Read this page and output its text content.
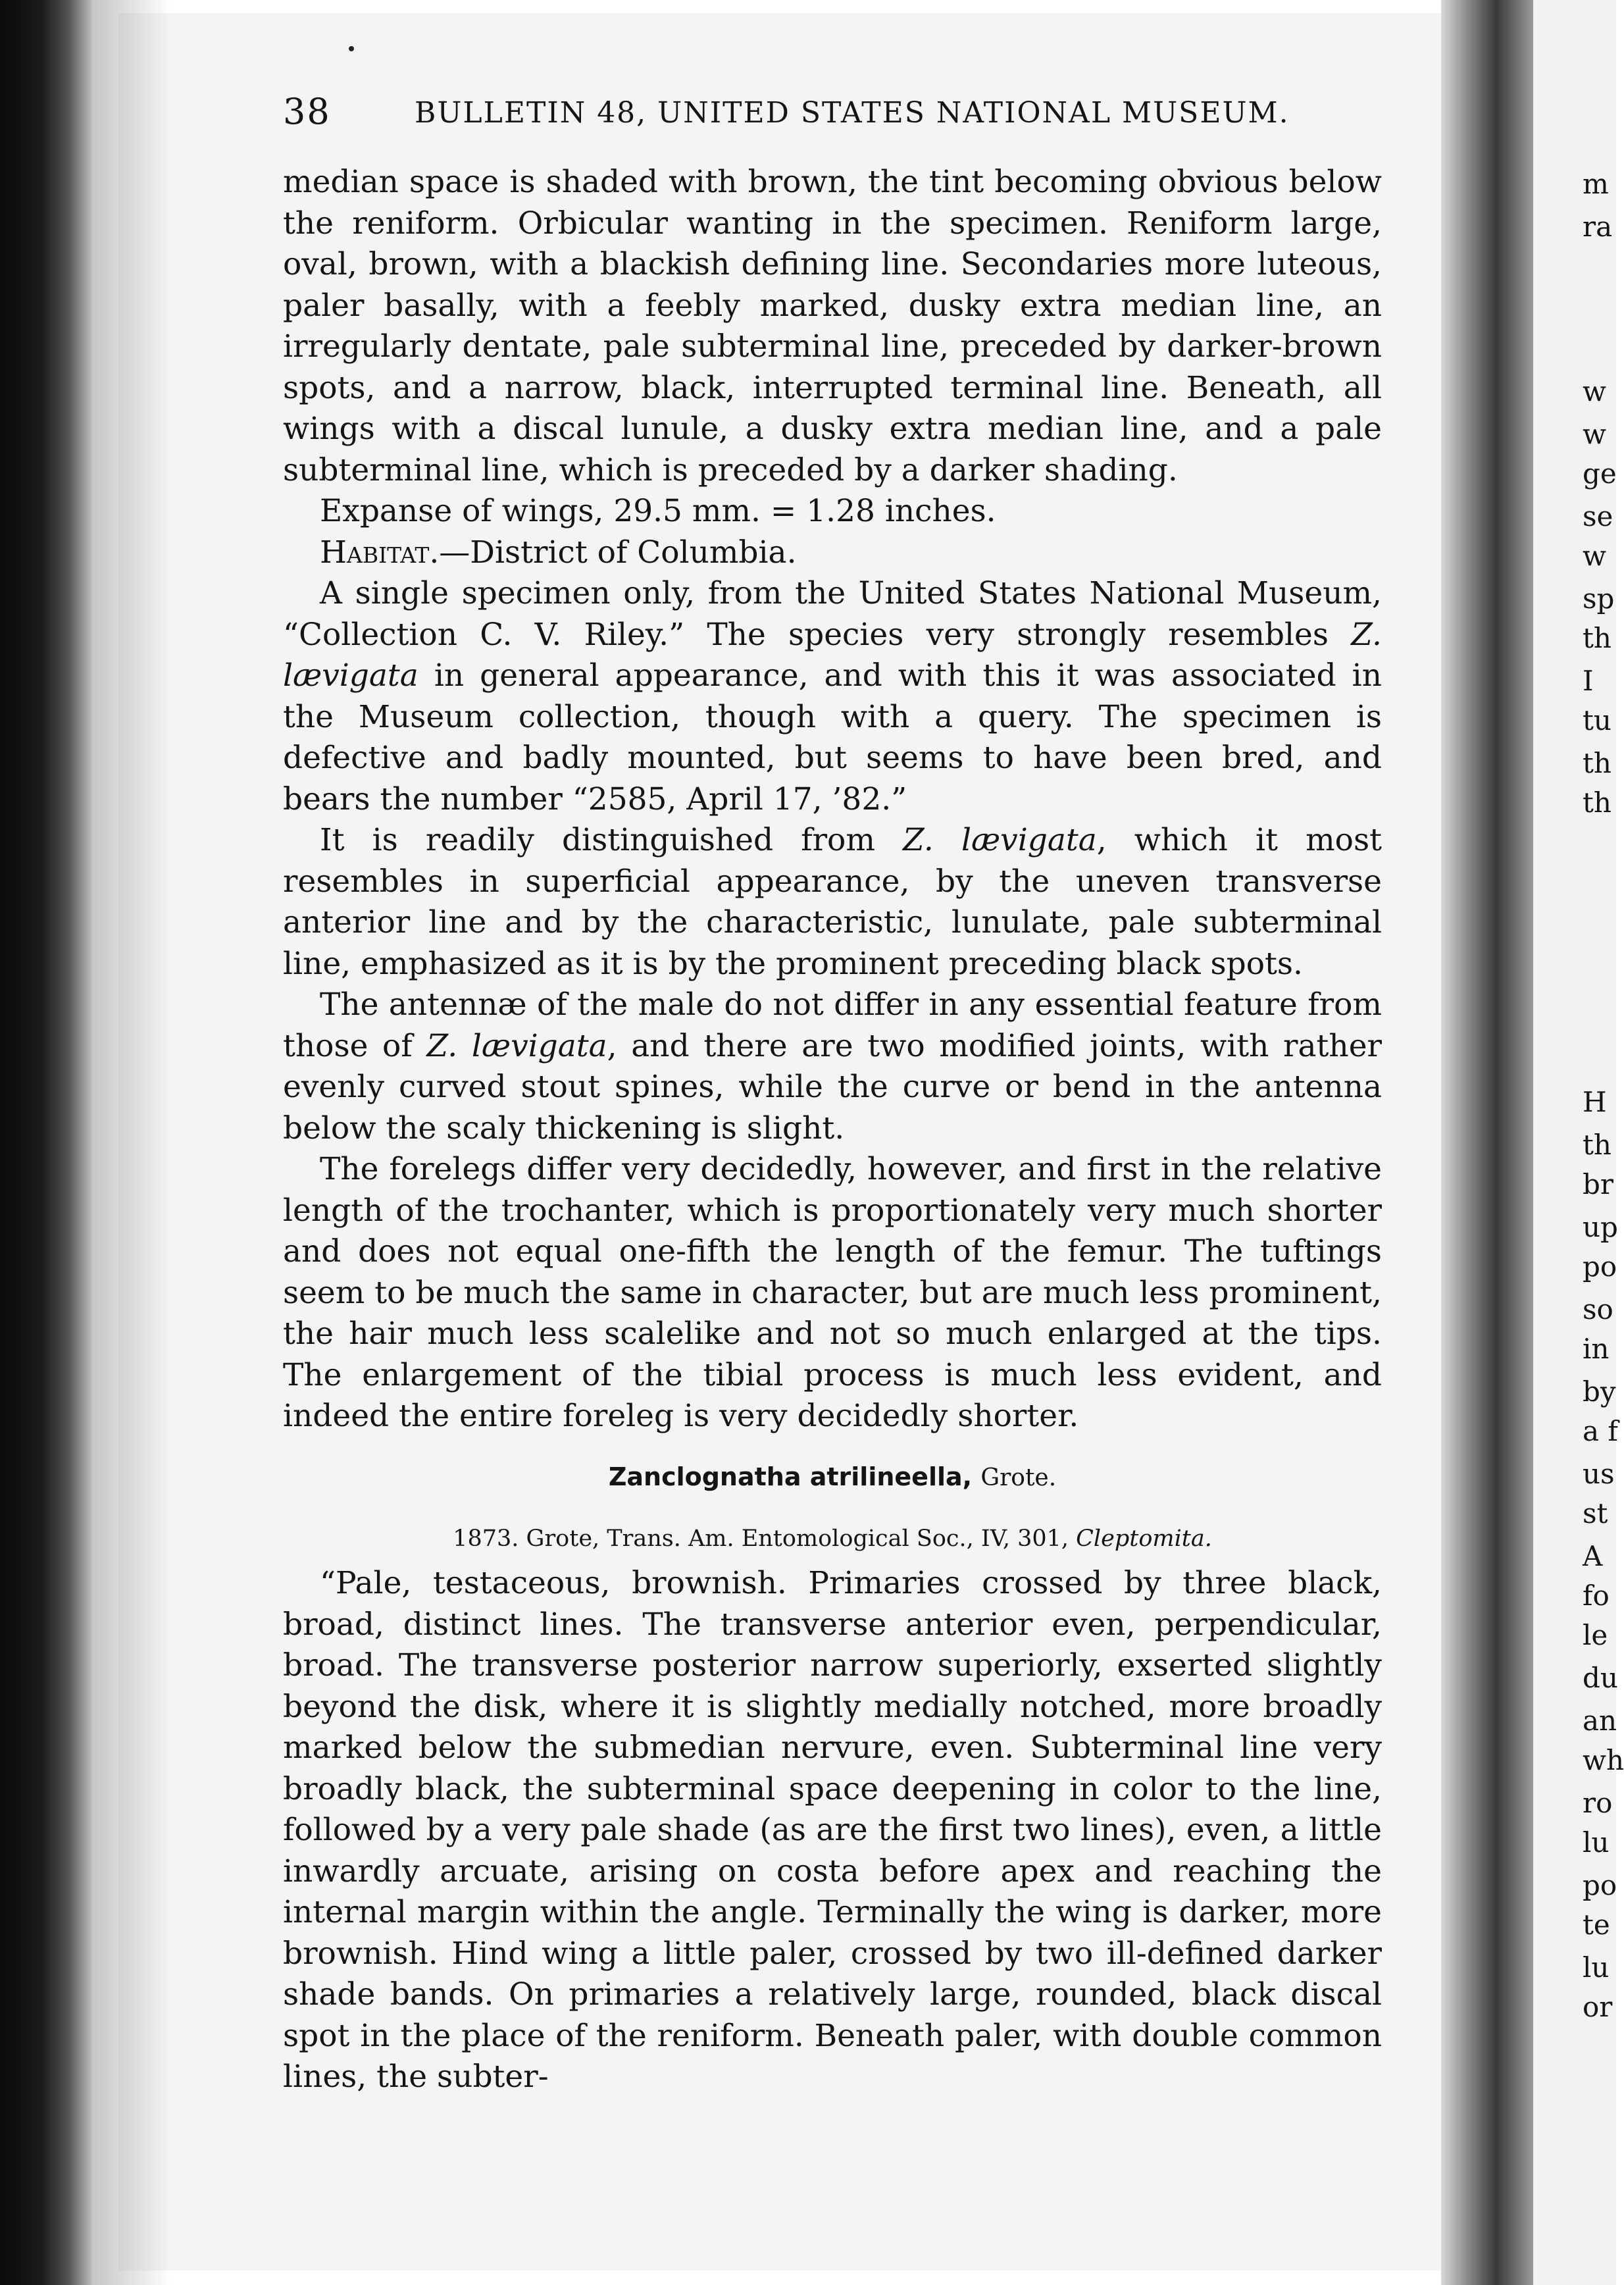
38	BULLETIN 48, UNITED STATES NATIONAL MUSEUM.

median space is shaded with brown, the tint becoming obvious below the reniform. Orbicular wanting in the specimen. Reniform large, oval, brown, with a blackish defining line. Secondaries more luteous, paler basally, with a feebly marked, dusky extra median line, an irregularly dentate, pale subterminal line, preceded by darker-brown spots, and a narrow, black, interrupted terminal line. Beneath, all wings with a discal lunule, a dusky extra median line, and a pale subterminal line, which is preceded by a darker shading.

Expanse of wings, 29.5 mm. = 1.28 inches.

Habitat.—District of Columbia.

A single specimen only, from the United States National Museum, “Collection C. V. Riley.” The species very strongly resembles Z. lævigata in general appearance, and with this it was associated in the Museum collection, though with a query. The specimen is defective and badly mounted, but seems to have been bred, and bears the number “2585, April 17, ’82.”

It is readily distinguished from Z. lævigata, which it most resembles in superficial appearance, by the uneven transverse anterior line and by the characteristic, lunulate, pale subterminal line, emphasized as it is by the prominent preceding black spots.

The antennæ of the male do not differ in any essential feature from those of Z. lævigata, and there are two modified joints, with rather evenly curved stout spines, while the curve or bend in the antenna below the scaly thickening is slight.

The forelegs differ very decidedly, however, and first in the relative length of the trochanter, which is proportionately very much shorter and does not equal one-fifth the length of the femur. The tuftings seem to be much the same in character, but are much less prominent, the hair much less scalelike and not so much enlarged at the tips. The enlargement of the tibial process is much less evident, and indeed the entire foreleg is very decidedly shorter.

Zanclognatha atrilineella, Grote.
1873. Grote, Trans. Am. Entomological Soc., IV, 301, Cleptomita.

“Pale, testaceous, brownish. Primaries crossed by three black, broad, distinct lines. The transverse anterior even, perpendicular, broad. The transverse posterior narrow superiorly, exserted slightly beyond the disk, where it is slightly medially notched, more broadly marked below the submedian nervure, even. Subterminal line very broadly black, the subterminal space deepening in color to the line, followed by a very pale shade (as are the first two lines), even, a little inwardly arcuate, arising on costa before apex and reaching the internal margin within the angle. Terminally the wing is darker, more brownish. Hind wing a little paler, crossed by two ill-defined darker shade bands. On primaries a relatively large, rounded, black discal spot in the place of the reniform. Beneath paler, with double common lines, the subter-

m
ra
w
w
ge
se
w
sp
th
I
tu
th
th
H
th
br
up
po
so
in
by
a f
us
st
A
fo
le
du
an
wh
ro
lu
po
te
lu
or
